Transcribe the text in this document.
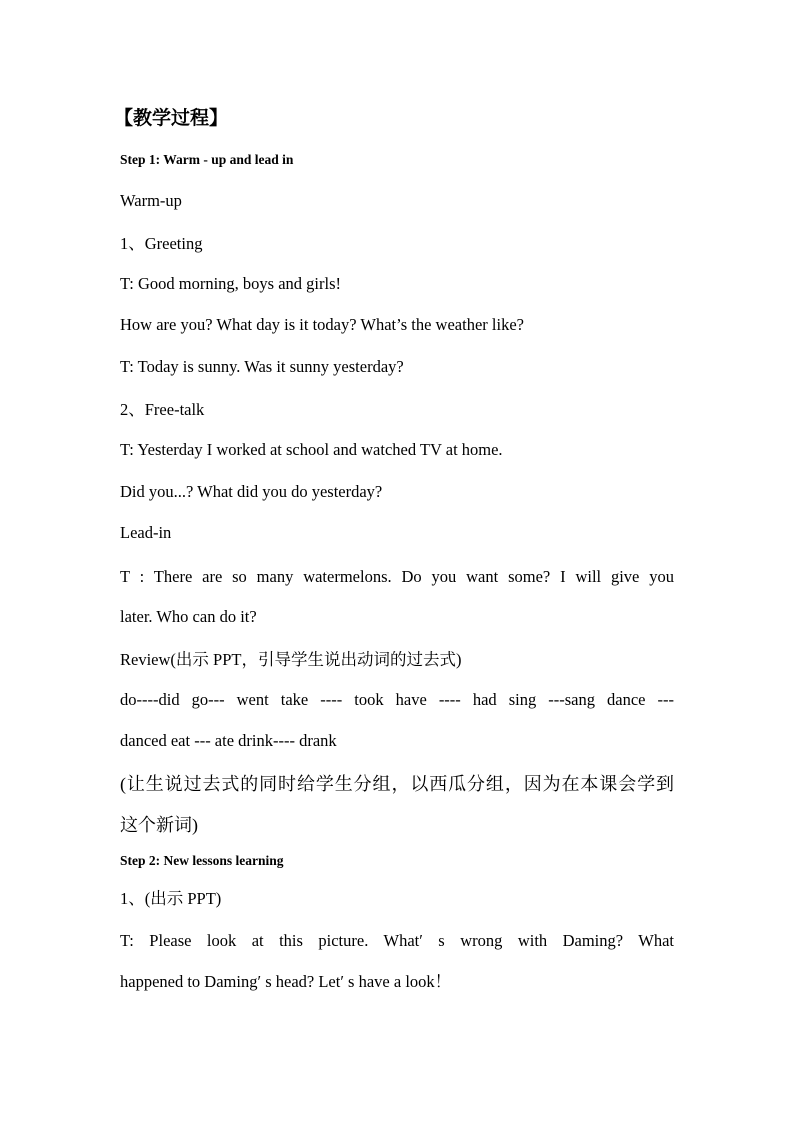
【教学过程】
Step 1: Warm - up and lead in
Warm-up
1、Greeting
T: Good morning, boys and girls!
How are you? What day is it today? What’s the weather like?
T: Today is sunny. Was it sunny yesterday?
2、Free-talk
T: Yesterday I worked at school and watched TV at home.
Did you...? What did you do yesterday?
Lead-in
T : There are so many watermelons. Do you want some? I will give you
later. Who can do it?
Review(出示 PPT，引导学生说出动词的过去式)
do----did go--- went take ---- took have ---- had sing ---sang dance ---
danced eat --- ate drink---- drank
(让生说过去式的同时给学生分组，以西瓜分组，因为在本课会学到
这个新词)
Step 2: New lessons learning
1、(出示 PPT)
T: Please look at this picture. What′ s wrong with Daming? What
happened to Daming′ s head? Let′ s have a look！
